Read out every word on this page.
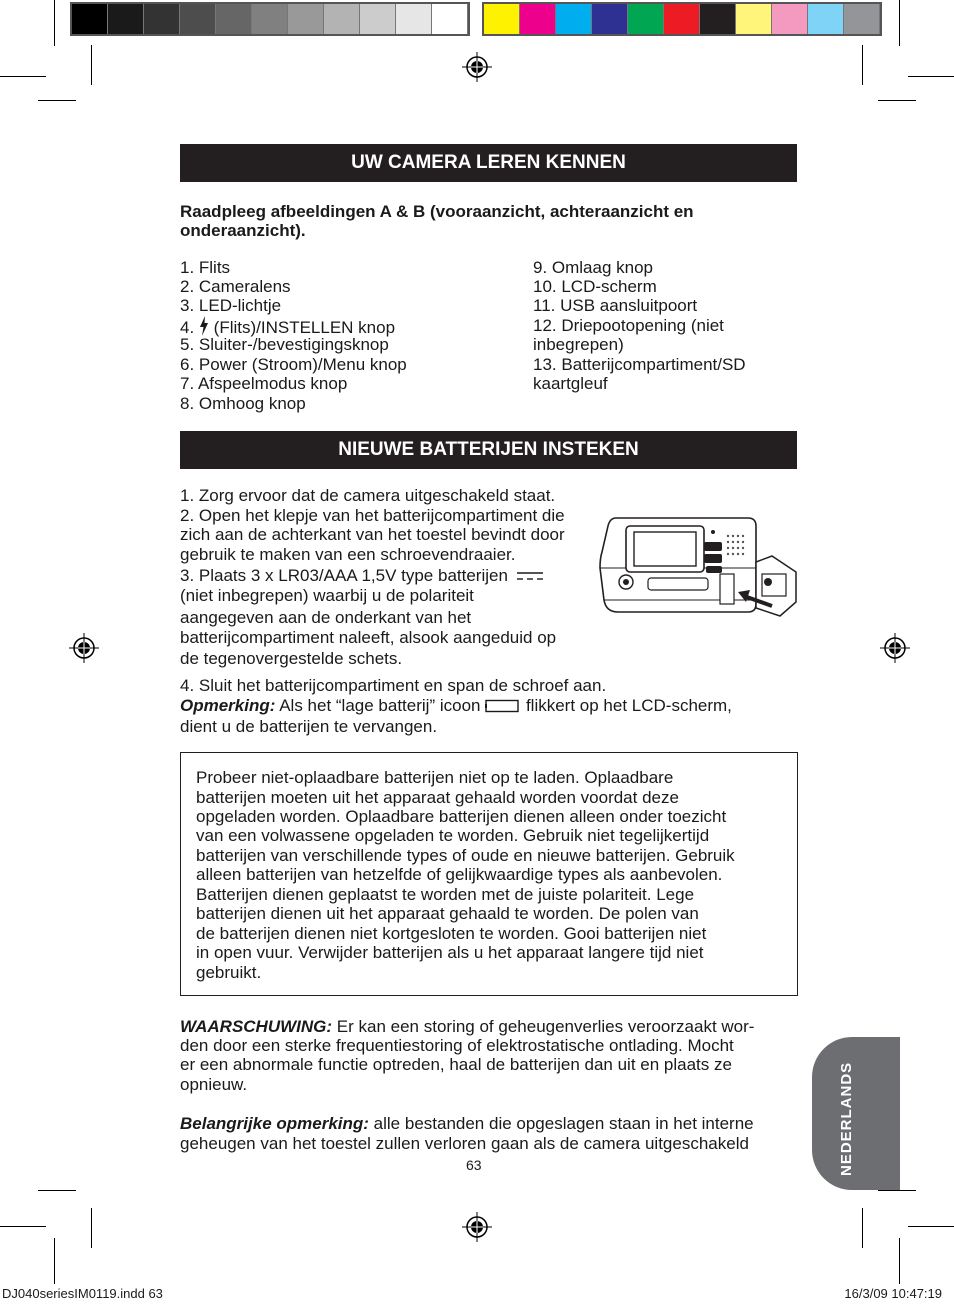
UW CAMERA LEREN KENNEN
Raadpleeg afbeeldingen A & B (vooraanzicht, achteraanzicht en
onderaanzicht).
1. Flits
2. Cameralens
3. LED-lichtje
4. (Flits)/INSTELLEN knop
5. Sluiter-/bevestigingsknop
6. Power (Stroom)/Menu knop
7. Afspeelmodus knop
8. Omhoog knop
9. Omlaag knop
10. LCD-scherm
11. USB aansluitpoort
12. Driepootopening (niet
inbegrepen)
13. Batterijcompartiment/SD
kaartgleuf
NIEUWE BATTERIJEN INSTEKEN
1. Zorg ervoor dat de camera uitgeschakeld staat.
2. Open het klepje van het batterijcompartiment die
zich aan de achterkant van het toestel bevindt door
gebruik te maken van een schroevendraaier.
3. Plaats 3 x LR03/AAA 1,5V type batterijen
(niet inbegrepen) waarbij u de polariteit
aangegeven aan de onderkant van het
batterijcompartiment naleeft, alsook aangeduid op
de tegenovergestelde schets.
4. Sluit het batterijcompartiment en span de schroef aan.
Opmerking: Als het “lage batterij” icoon	flikkert op het LCD-scherm,
dient u de batterijen te vervangen.
Probeer niet-oplaadbare batterijen niet op te laden. Oplaadbare
batterijen moeten uit het apparaat gehaald worden voordat deze
opgeladen worden. Oplaadbare batterijen dienen alleen onder toezicht
van een volwassene opgeladen te worden. Gebruik niet tegelijkertijd
batterijen van verschillende types of oude en nieuwe batterijen. Gebruik
alleen batterijen van hetzelfde of gelijkwaardige types als aanbevolen.
Batterijen dienen geplaatst te worden met de juiste polariteit. Lege
batterijen dienen uit het apparaat gehaald te worden. De polen van
de batterijen dienen niet kortgesloten te worden. Gooi batterijen niet
in open vuur. Verwijder batterijen als u het apparaat langere tijd niet
gebruikt.
WAARSCHUWING: Er kan een storing of geheugenverlies veroorzaakt wor-
den door een sterke frequentiestoring of elektrostatische ontlading. Mocht
er een abnormale functie optreden, haal de batterijen dan uit en plaats ze
opnieuw.
Belangrijke opmerking: alle bestanden die opgeslagen staan in het interne
geheugen van het toestel zullen verloren gaan als de camera uitgeschakeld
63	NEDERLANDS
DJ040seriesIM0119.indd 63	16/3/09 10:47:19
